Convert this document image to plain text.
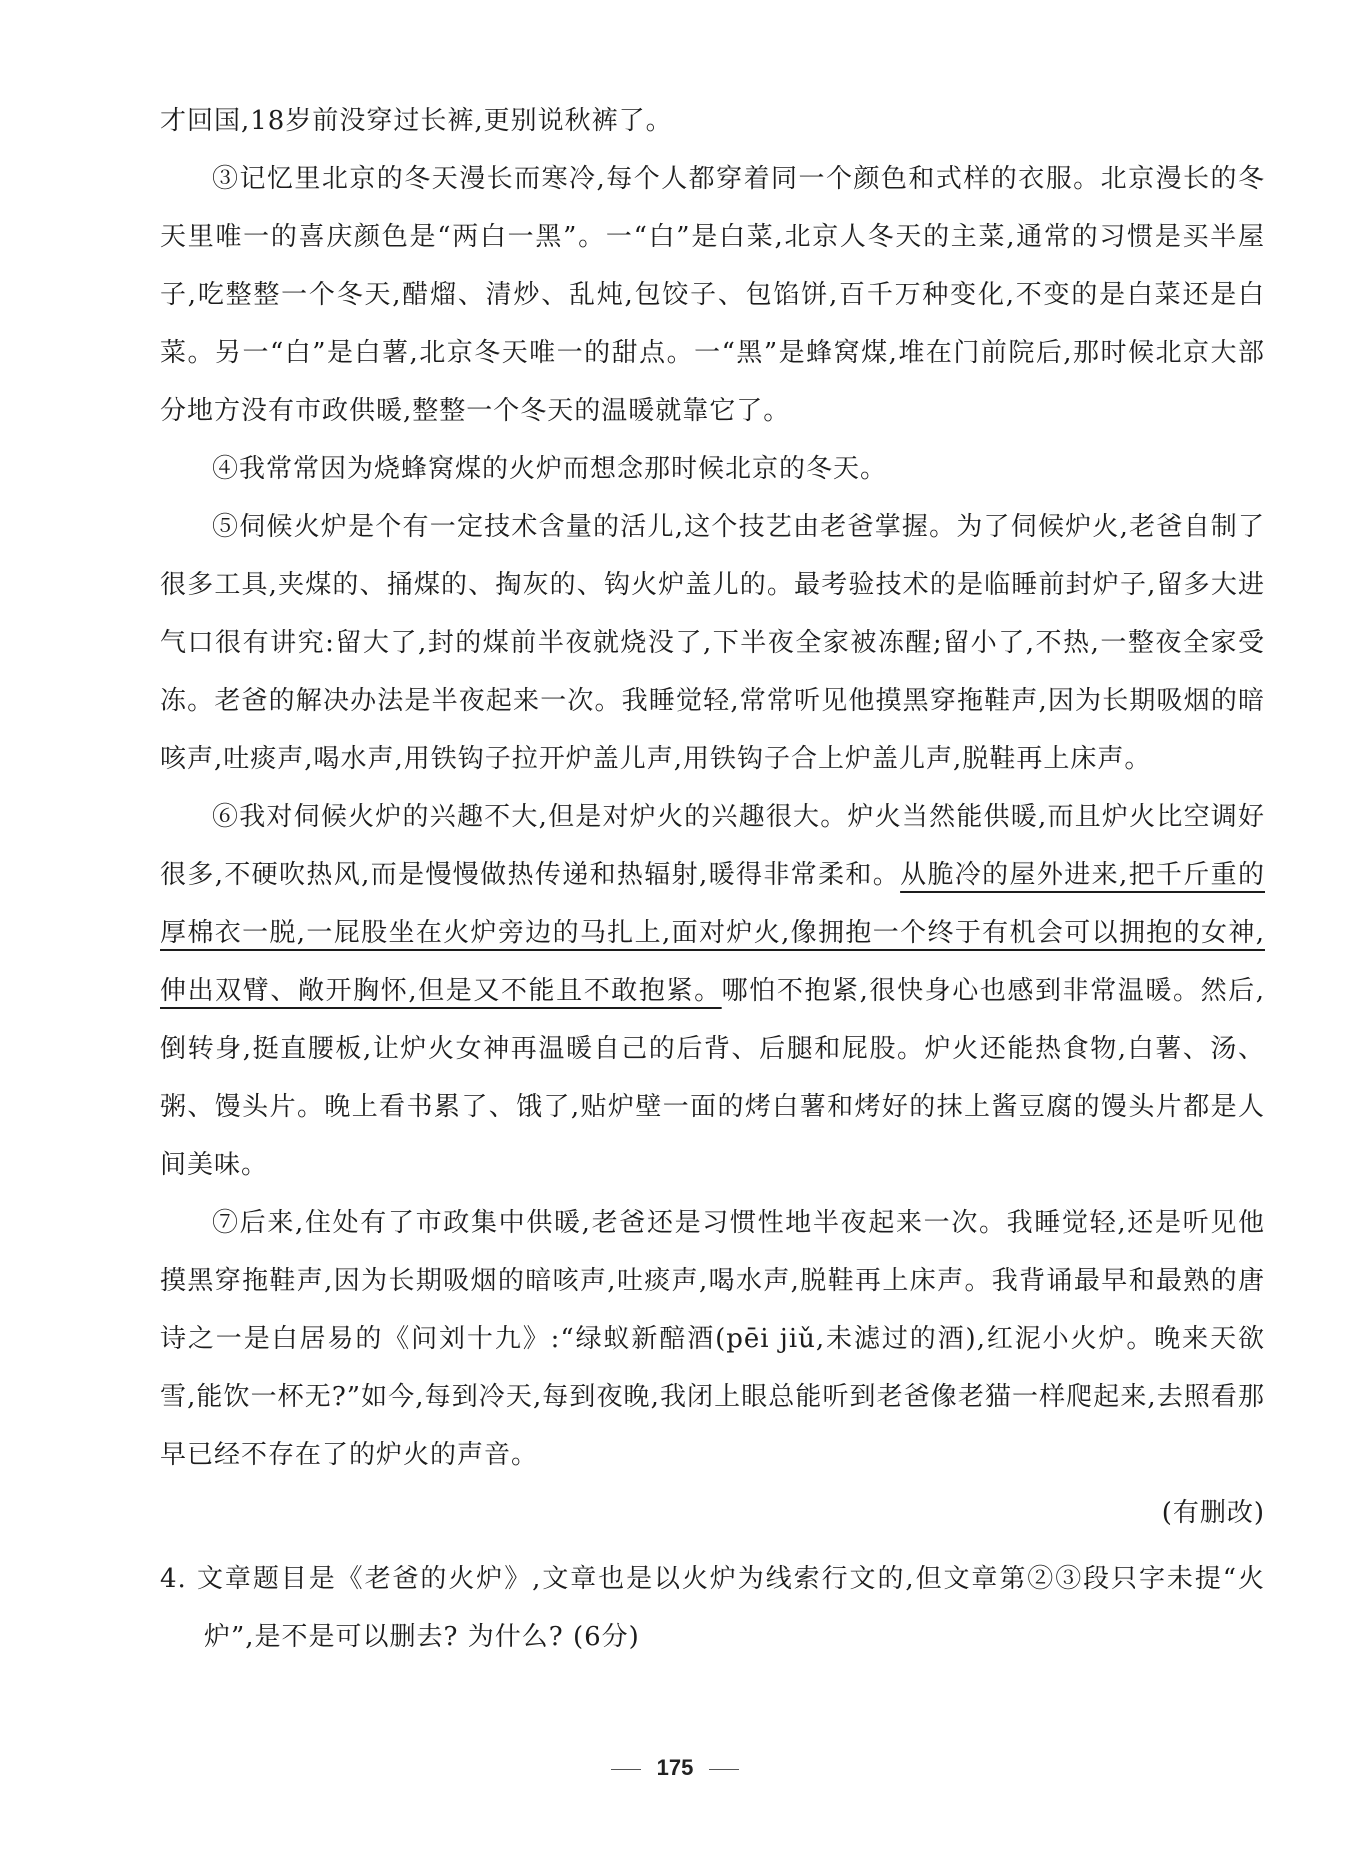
才回国,18岁前没穿过长裤,更别说秋裤了。

③记忆里北京的冬天漫长而寒冷,每个人都穿着同一个颜色和式样的衣服。北京漫长的冬天里唯一的喜庆颜色是“两白一黑”。一“白”是白菜,北京人冬天的主菜,通常的习惯是买半屋子,吃整整一个冬天,醋熘、清炒、乱炖,包饺子、包馅饼,百千万种变化,不变的是白菜还是白菜。另一“白”是白薯,北京冬天唯一的甜点。一“黑”是蜂窝煤,堆在门前院后,那时候北京大部分地方没有市政供暖,整整一个冬天的温暖就靠它了。

④我常常因为烧蜂窝煤的火炉而想念那时候北京的冬天。

⑤伺候火炉是个有一定技术含量的活儿,这个技艺由老爸掌握。为了伺候炉火,老爸自制了很多工具,夹煤的、捅煤的、掏灰的、钩火炉盖儿的。最考验技术的是临睡前封炉子,留多大进气口很有讲究:留大了,封的煤前半夜就烧没了,下半夜全家被冻醒;留小了,不热,一整夜全家受冻。老爸的解决办法是半夜起来一次。我睡觉轻,常常听见他摸黑穿拖鞋声,因为长期吸烟的暗咳声,吐痰声,喝水声,用铁钩子拉开炉盖儿声,用铁钩子合上炉盖儿声,脱鞋再上床声。

⑥我对伺候火炉的兴趣不大,但是对炉火的兴趣很大。炉火当然能供暖,而且炉火比空调好很多,不硬吹热风,而是慢慢做热传递和热辐射,暖得非常柔和。从脆冷的屋外进来,把千斤重的厚棉衣一脱,一屁股坐在火炉旁边的马扎上,面对炉火,像拥抱一个终于有机会可以拥抱的女神,伸出双臂、敞开胸怀,但是又不能且不敢抱紧。哪怕不抱紧,很快身心也感到非常温暖。然后,倒转身,挺直腰板,让炉火女神再温暖自己的后背、后腿和屁股。炉火还能热食物,白薯、汤、粥、馒头片。晚上看书累了、饿了,贴炉壁一面的烤白薯和烤好的抹上酱豆腐的馒头片都是人间美味。

⑦后来,住处有了市政集中供暖,老爸还是习惯性地半夜起来一次。我睡觉轻,还是听见他摸黑穿拖鞋声,因为长期吸烟的暗咳声,吐痰声,喝水声,脱鞋再上床声。我背诵最早和最熟的唐诗之一是白居易的《问刘十九》:“绿蚁新醅酒(pēi jiǔ,未滤过的酒),红泥小火炉。晚来天欲雪,能饮一杯无?”如今,每到冷天,每到夜晚,我闭上眼总能听到老爸像老猫一样爬起来,去照看那早已经不存在了的炉火的声音。

(有删改)

4. 文章题目是《老爸的火炉》,文章也是以火炉为线索行文的,但文章第②③段只字未提“火炉”,是不是可以删去? 为什么? (6分)

175
